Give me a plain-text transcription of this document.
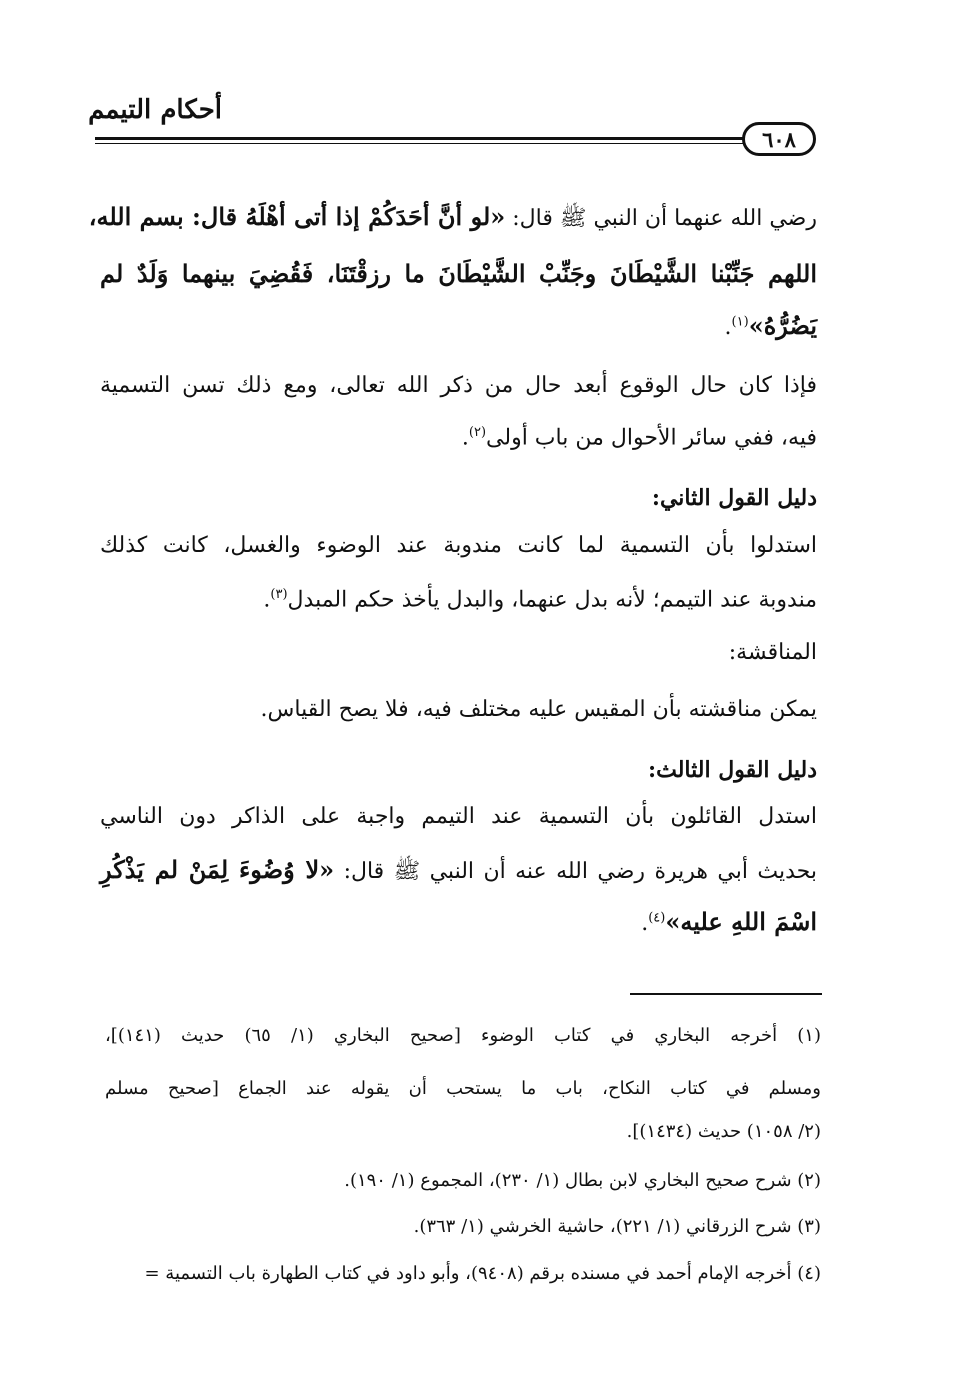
أحكام التيمم
٦٠٨
رضي الله عنهما أن النبي ﷺ قال: «لو أنَّ أحَدَكُمْ إذا أتى أهْلَهُ قال: بسم الله،
اللهم جَنِّبْنا الشَّيْطَانَ وجَنِّبْ الشَّيْطَانَ ما رزقْتَنَا، فَقُضِيَ بينهما وَلَدٌ لم
يَضُرُّهُ»$^{(١)}$.
فإذا كان حال الوقوع أبعد حال من ذكر الله تعالى، ومع ذلك تسن التسمية
فيه، ففي سائر الأحوال من باب أولى$^{(٢)}$.
دليل القول الثاني:
استدلوا بأن التسمية لما كانت مندوبة عند الوضوء والغسل، كانت كذلك
مندوبة عند التيمم؛ لأنه بدل عنهما، والبدل يأخذ حكم المبدل$^{(٣)}$.
المناقشة:
يمكن مناقشته بأن المقيس عليه مختلف فيه، فلا يصح القياس.
دليل القول الثالث:
استدل القائلون بأن التسمية عند التيمم واجبة على الذاكر دون الناسي
بحديث أبي هريرة رضي الله عنه أن النبي ﷺ قال: «لا وُضُوءَ لِمَنْ لم يَذْكُرِ
اسْمَ اللهِ عليه»$^{(٤)}$.
(١) أخرجه البخاري في كتاب الوضوء [صحيح البخاري (١/ ٦٥) حديث (١٤١)]،
ومسلم في كتاب النكاح، باب ما يستحب أن يقوله عند الجماع [صحيح مسلم
(٢/ ١٠٥٨) حديث (١٤٣٤)].
(٢) شرح صحيح البخاري لابن بطال (١/ ٢٣٠)، المجموع (١/ ١٩٠).
(٣) شرح الزرقاني (١/ ٢٢١)، حاشية الخرشي (١/ ٣٦٣).
(٤) أخرجه الإمام أحمد في مسنده برقم (٩٤٠٨)، وأبو داود في كتاب الطهارة باب التسمية =
